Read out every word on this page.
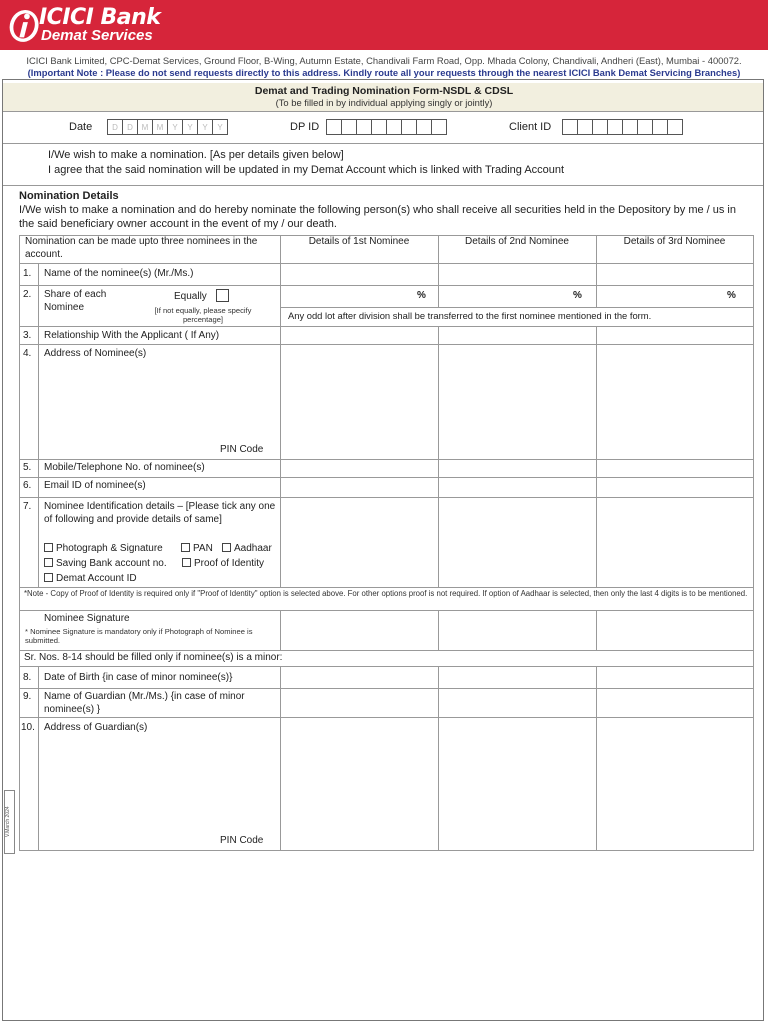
ICICI Bank
Demat Services
ICICI Bank Limited, CPC-Demat Services, Ground Floor, B-Wing, Autumn Estate, Chandivali Farm Road, Opp. Mhada Colony, Chandivali, Andheri (East), Mumbai - 400072.
(Important Note : Please do not send requests directly to this address. Kindly route all your requests through the nearest ICICI Bank Demat Servicing Branches)
Demat and Trading Nomination Form-NSDL & CDSL
(To be filled in by individual applying singly or jointly)
Date	D	D	M	M	Y	Y	Y	Y	DP ID	Client ID
I/We wish to make a nomination. [As per details given below]
I agree that the said nomination will be updated in my Demat Account which is linked with Trading Account
Nomination Details
I/We wish to make a nomination and do hereby nominate the following person(s) who shall receive all securities held in the Depository by me / us in the said beneficiary owner account in the event of my / our death.
Nomination can be made upto three nominees in the account.
Details of 1st Nominee	Details of 2nd Nominee	Details of 3rd Nominee
1. Name of the nominee(s) (Mr./Ms.)
2. Share of each Nominee
Equally
[If not equally, please specify percentage]
%	%	%
Any odd lot after division shall be transferred to the first nominee mentioned in the form.
3. Relationship With the Applicant ( If Any)
4. Address of Nominee(s)
PIN Code
5. Mobile/Telephone No. of nominee(s)
6. Email ID of nominee(s)
7. Nominee Identification details – [Please tick any one of following and provide details of same]
Photograph & Signature	PAN	Aadhaar
Saving Bank account no.	Proof of Identity
Demat Account ID
*Note - Copy of Proof of Identity is required only if "Proof of Identity" option is selected above. For other options proof is not required. If option of Aadhaar is selected, then only the last 4 digits is to be mentioned.
Nominee Signature
* Nominee Signature is mandatory only if Photograph of Nominee is submitted.
Sr. Nos. 8-14 should be filled only if nominee(s) is a minor:
8. Date of Birth {in case of minor nominee(s)}
9. Name of Guardian (Mr./Ms.) {in case of minor nominee(s) }
10. Address of Guardian(s)
PIN Code
V.March 2024
